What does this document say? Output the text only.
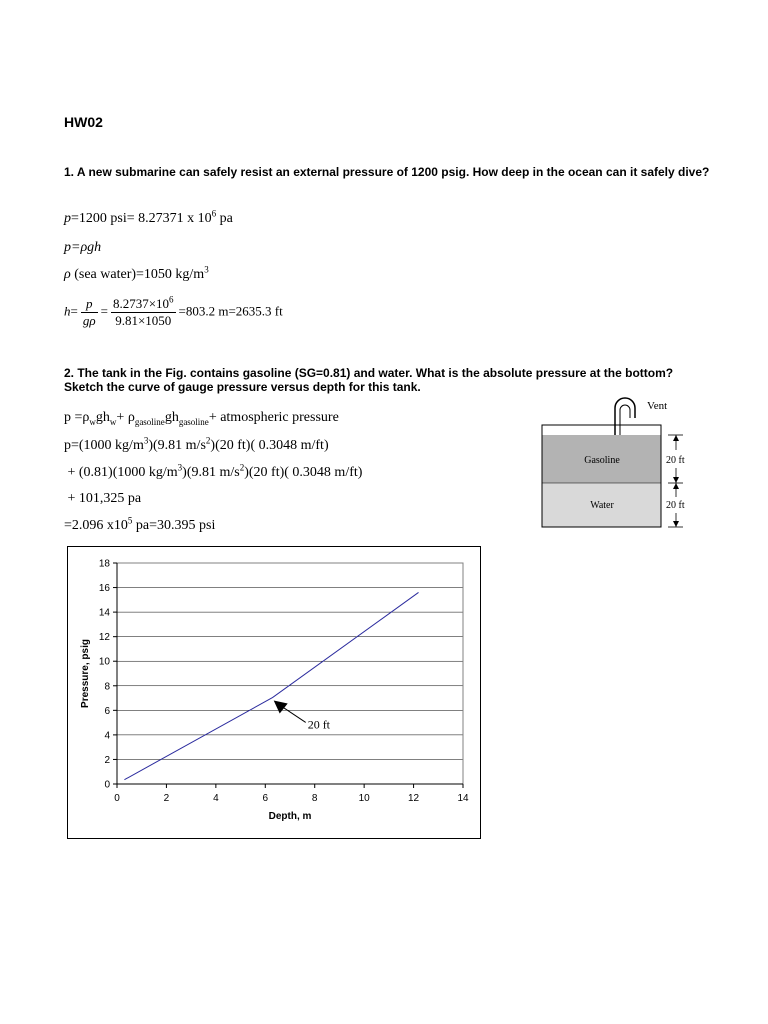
HW02
1. A new submarine can safely resist an external pressure of 1200 psig. How deep in the ocean can it safely dive?
p=1200 psi= 8.27371 x $10^6$ pa
p=ρgh
ρ (sea water)=1050 $kg/m^3$
$h= \frac{p}{g\rho} = \frac{8.2737\times 10^6}{9.81\times 1050} =803.2$ m=2635.3 ft
2. The tank in the Fig. contains gasoline (SG=0.81) and water. What is the absolute pressure at the bottom? Sketch the curve of gauge pressure versus depth for this tank.
$p =\rho_wgh_w+ \rho_{gasoline}gh_{gasoline}+$ atmospheric pressure
p=(1000 $kg/m^3)(9.81$ $m/s^2)(20$ ft)( 0.3048 m/ft)
+ (0.81)(1000 $kg/m^3)(9.81$ $m/s^2)(20$ ft)( 0.3048 m/ft)
+ 101,325 pa
=2.096 $x10^5$ pa=30.395 psi
Vent
Gasoline
Water
20 ft
20 ft
0
2
4
6
8
10
12
14
16
18
0	2	4	6	8	10	12	14
20 ft
Depth, m
Pressure, psig
